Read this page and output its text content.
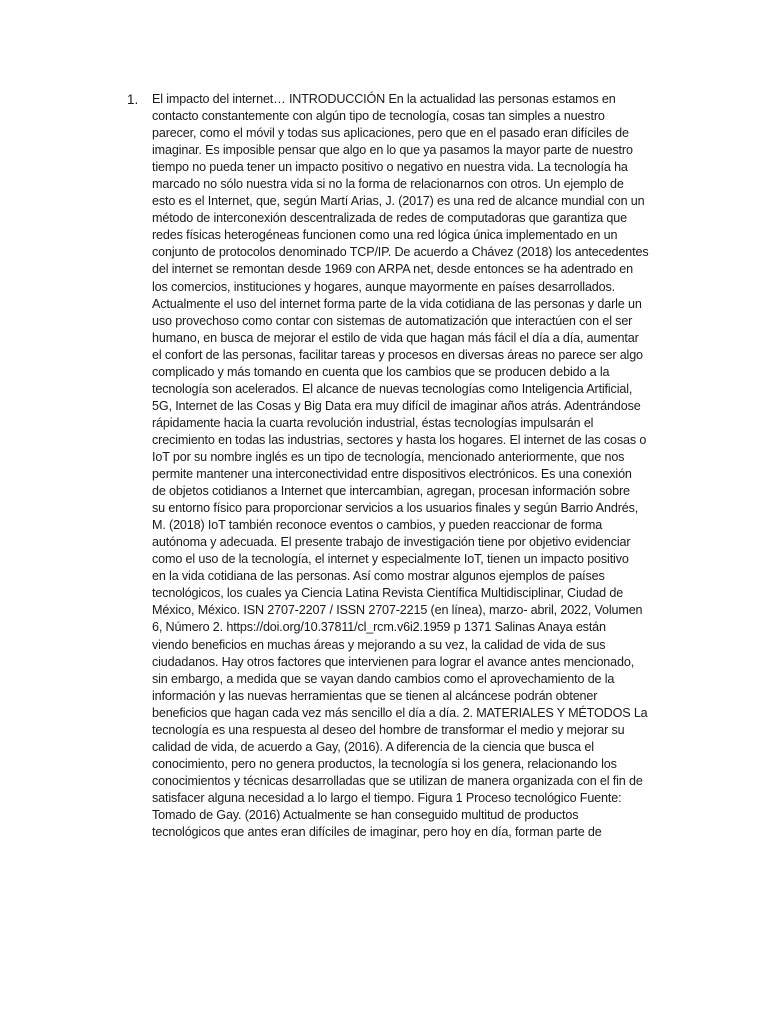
1.	El impacto del internet… INTRODUCCIÓN En la actualidad las personas estamos en
contacto constantemente con algún tipo de tecnología, cosas tan simples a nuestro
parecer, como el móvil y todas sus aplicaciones, pero que en el pasado eran difíciles de
imaginar. Es imposible pensar que algo en lo que ya pasamos la mayor parte de nuestro
tiempo no pueda tener un impacto positivo o negativo en nuestra vida. La tecnología ha
marcado no sólo nuestra vida si no la forma de relacionarnos con otros. Un ejemplo de
esto es el Internet, que, según Martí Arias, J. (2017) es una red de alcance mundial con un
método de interconexión descentralizada de redes de computadoras que garantiza que
redes físicas heterogéneas funcionen como una red lógica única implementado en un
conjunto de protocolos denominado TCP/IP. De acuerdo a Chávez (2018) los antecedentes
del internet se remontan desde 1969 con ARPA net, desde entonces se ha adentrado en
los comercios, instituciones y hogares, aunque mayormente en países desarrollados.
Actualmente el uso del internet forma parte de la vida cotidiana de las personas y darle un
uso provechoso como contar con sistemas de automatización que interactúen con el ser
humano, en busca de mejorar el estilo de vida que hagan más fácil el día a día, aumentar
el confort de las personas, facilitar tareas y procesos en diversas áreas no parece ser algo
complicado y más tomando en cuenta que los cambios que se producen debido a la
tecnología son acelerados. El alcance de nuevas tecnologías como Inteligencia Artificial,
5G, Internet de las Cosas y Big Data era muy difícil de imaginar años atrás. Adentrándose
rápidamente hacia la cuarta revolución industrial, éstas tecnologías impulsarán el
crecimiento en todas las industrias, sectores y hasta los hogares. El internet de las cosas o
IoT por su nombre inglés es un tipo de tecnología, mencionado anteriormente, que nos
permite mantener una interconectividad entre dispositivos electrónicos. Es una conexión
de objetos cotidianos a Internet que intercambian, agregan, procesan información sobre
su entorno físico para proporcionar servicios a los usuarios finales y según Barrio Andrés,
M. (2018) IoT también reconoce eventos o cambios, y pueden reaccionar de forma
autónoma y adecuada. El presente trabajo de investigación tiene por objetivo evidenciar
como el uso de la tecnología, el internet y especialmente IoT, tienen un impacto positivo
en la vida cotidiana de las personas. Así como mostrar algunos ejemplos de países
tecnológicos, los cuales ya Ciencia Latina Revista Científica Multidisciplinar, Ciudad de
México, México. ISN 2707-2207 / ISSN 2707-2215 (en línea), marzo- abril, 2022, Volumen
6, Número 2. https://doi.org/10.37811/cl_rcm.v6i2.1959 p 1371 Salinas Anaya están
viendo beneficios en muchas áreas y mejorando a su vez, la calidad de vida de sus
ciudadanos. Hay otros factores que intervienen para lograr el avance antes mencionado,
sin embargo, a medida que se vayan dando cambios como el aprovechamiento de la
información y las nuevas herramientas que se tienen al alcáncese podrán obtener
beneficios que hagan cada vez más sencillo el día a día. 2. MATERIALES Y MÉTODOS La
tecnología es una respuesta al deseo del hombre de transformar el medio y mejorar su
calidad de vida, de acuerdo a Gay, (2016). A diferencia de la ciencia que busca el
conocimiento, pero no genera productos, la tecnología si los genera, relacionando los
conocimientos y técnicas desarrolladas que se utilizan de manera organizada con el fin de
satisfacer alguna necesidad a lo largo el tiempo. Figura 1 Proceso tecnológico Fuente:
Tomado de Gay. (2016) Actualmente se han conseguido multitud de productos
tecnológicos que antes eran difíciles de imaginar, pero hoy en día, forman parte de
